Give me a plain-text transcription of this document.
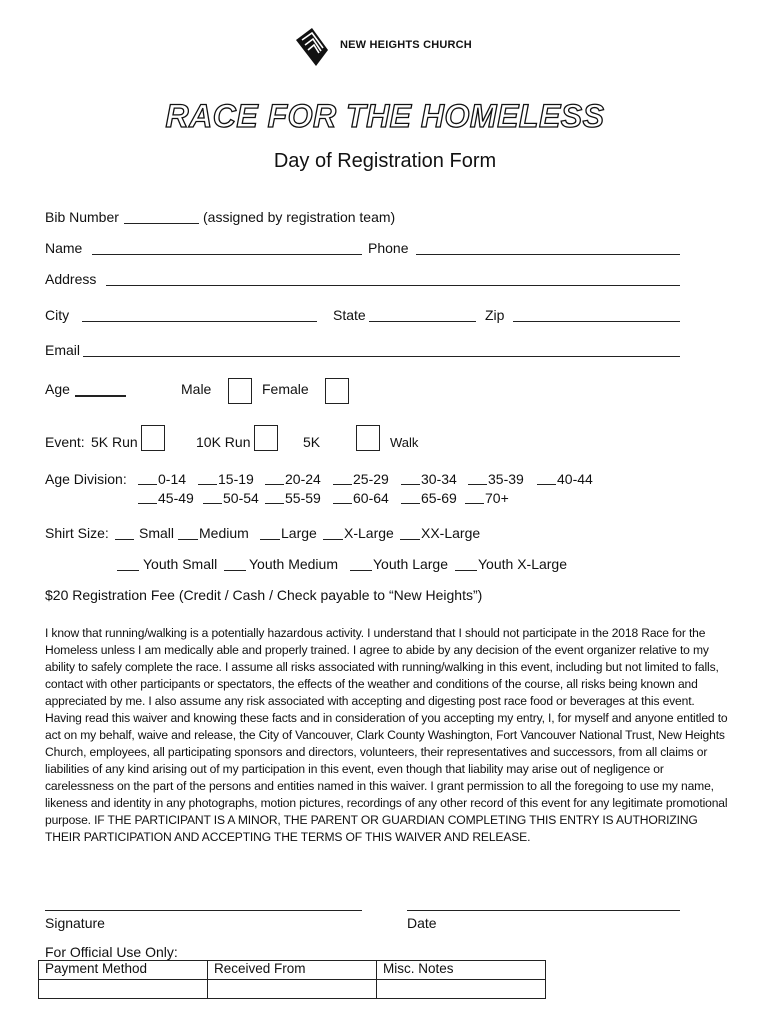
NEW HEIGHTS CHURCH
RACE FOR THE HOMELESS
Day of Registration Form
Bib Number	(assigned by registration team)
Name	Phone
Address
City	State	Zip
Email
Age	Male	Female
Event: 5K Run	10K Run	5K	Walk
Age Division: 0-14 15-19 20-24 25-29 30-34 35-39 40-44
45-49 50-54 55-59 60-64 65-69 70+
Shirt Size: Small Medium Large X-Large XX-Large
Youth Small Youth Medium	Youth Large Youth X-Large
$20 Registration Fee (Credit / Cash / Check payable to “New Heights”)
I know that running/walking is a potentially hazardous activity. I understand that I should not participate in the 2018 Race for the Homeless unless I am medically able and properly trained. I agree to abide by any decision of the event organizer relative to my ability to safely complete the race. I assume all risks associated with running/walking in this event, including but not limited to falls, contact with other participants or spectators, the effects of the weather and conditions of the course, all risks being known and appreciated by me. I also assume any risk associated with accepting and digesting post race food or beverages at this event. Having read this waiver and knowing these facts and in consideration of you accepting my entry, I, for myself and anyone entitled to act on my behalf, waive and release, the City of Vancouver, Clark County Washington, Fort Vancouver National Trust, New Heights Church, employees, all participating sponsors and directors, volunteers, their representatives and successors, from all claims or liabilities of any kind arising out of my participation in this event, even though that liability may arise out of negligence or carelessness on the part of the persons and entities named in this waiver. I grant permission to all the foregoing to use my name, likeness and identity in any photographs, motion pictures, recordings of any other record of this event for any legitimate promotional purpose. IF THE PARTICIPANT IS A MINOR, THE PARENT OR GUARDIAN COMPLETING THIS ENTRY IS AUTHORIZING THEIR PARTICIPATION AND ACCEPTING THE TERMS OF THIS WAIVER AND RELEASE.
Signature	Date
For Official Use Only:
Payment Method	Received From	Misc. Notes
